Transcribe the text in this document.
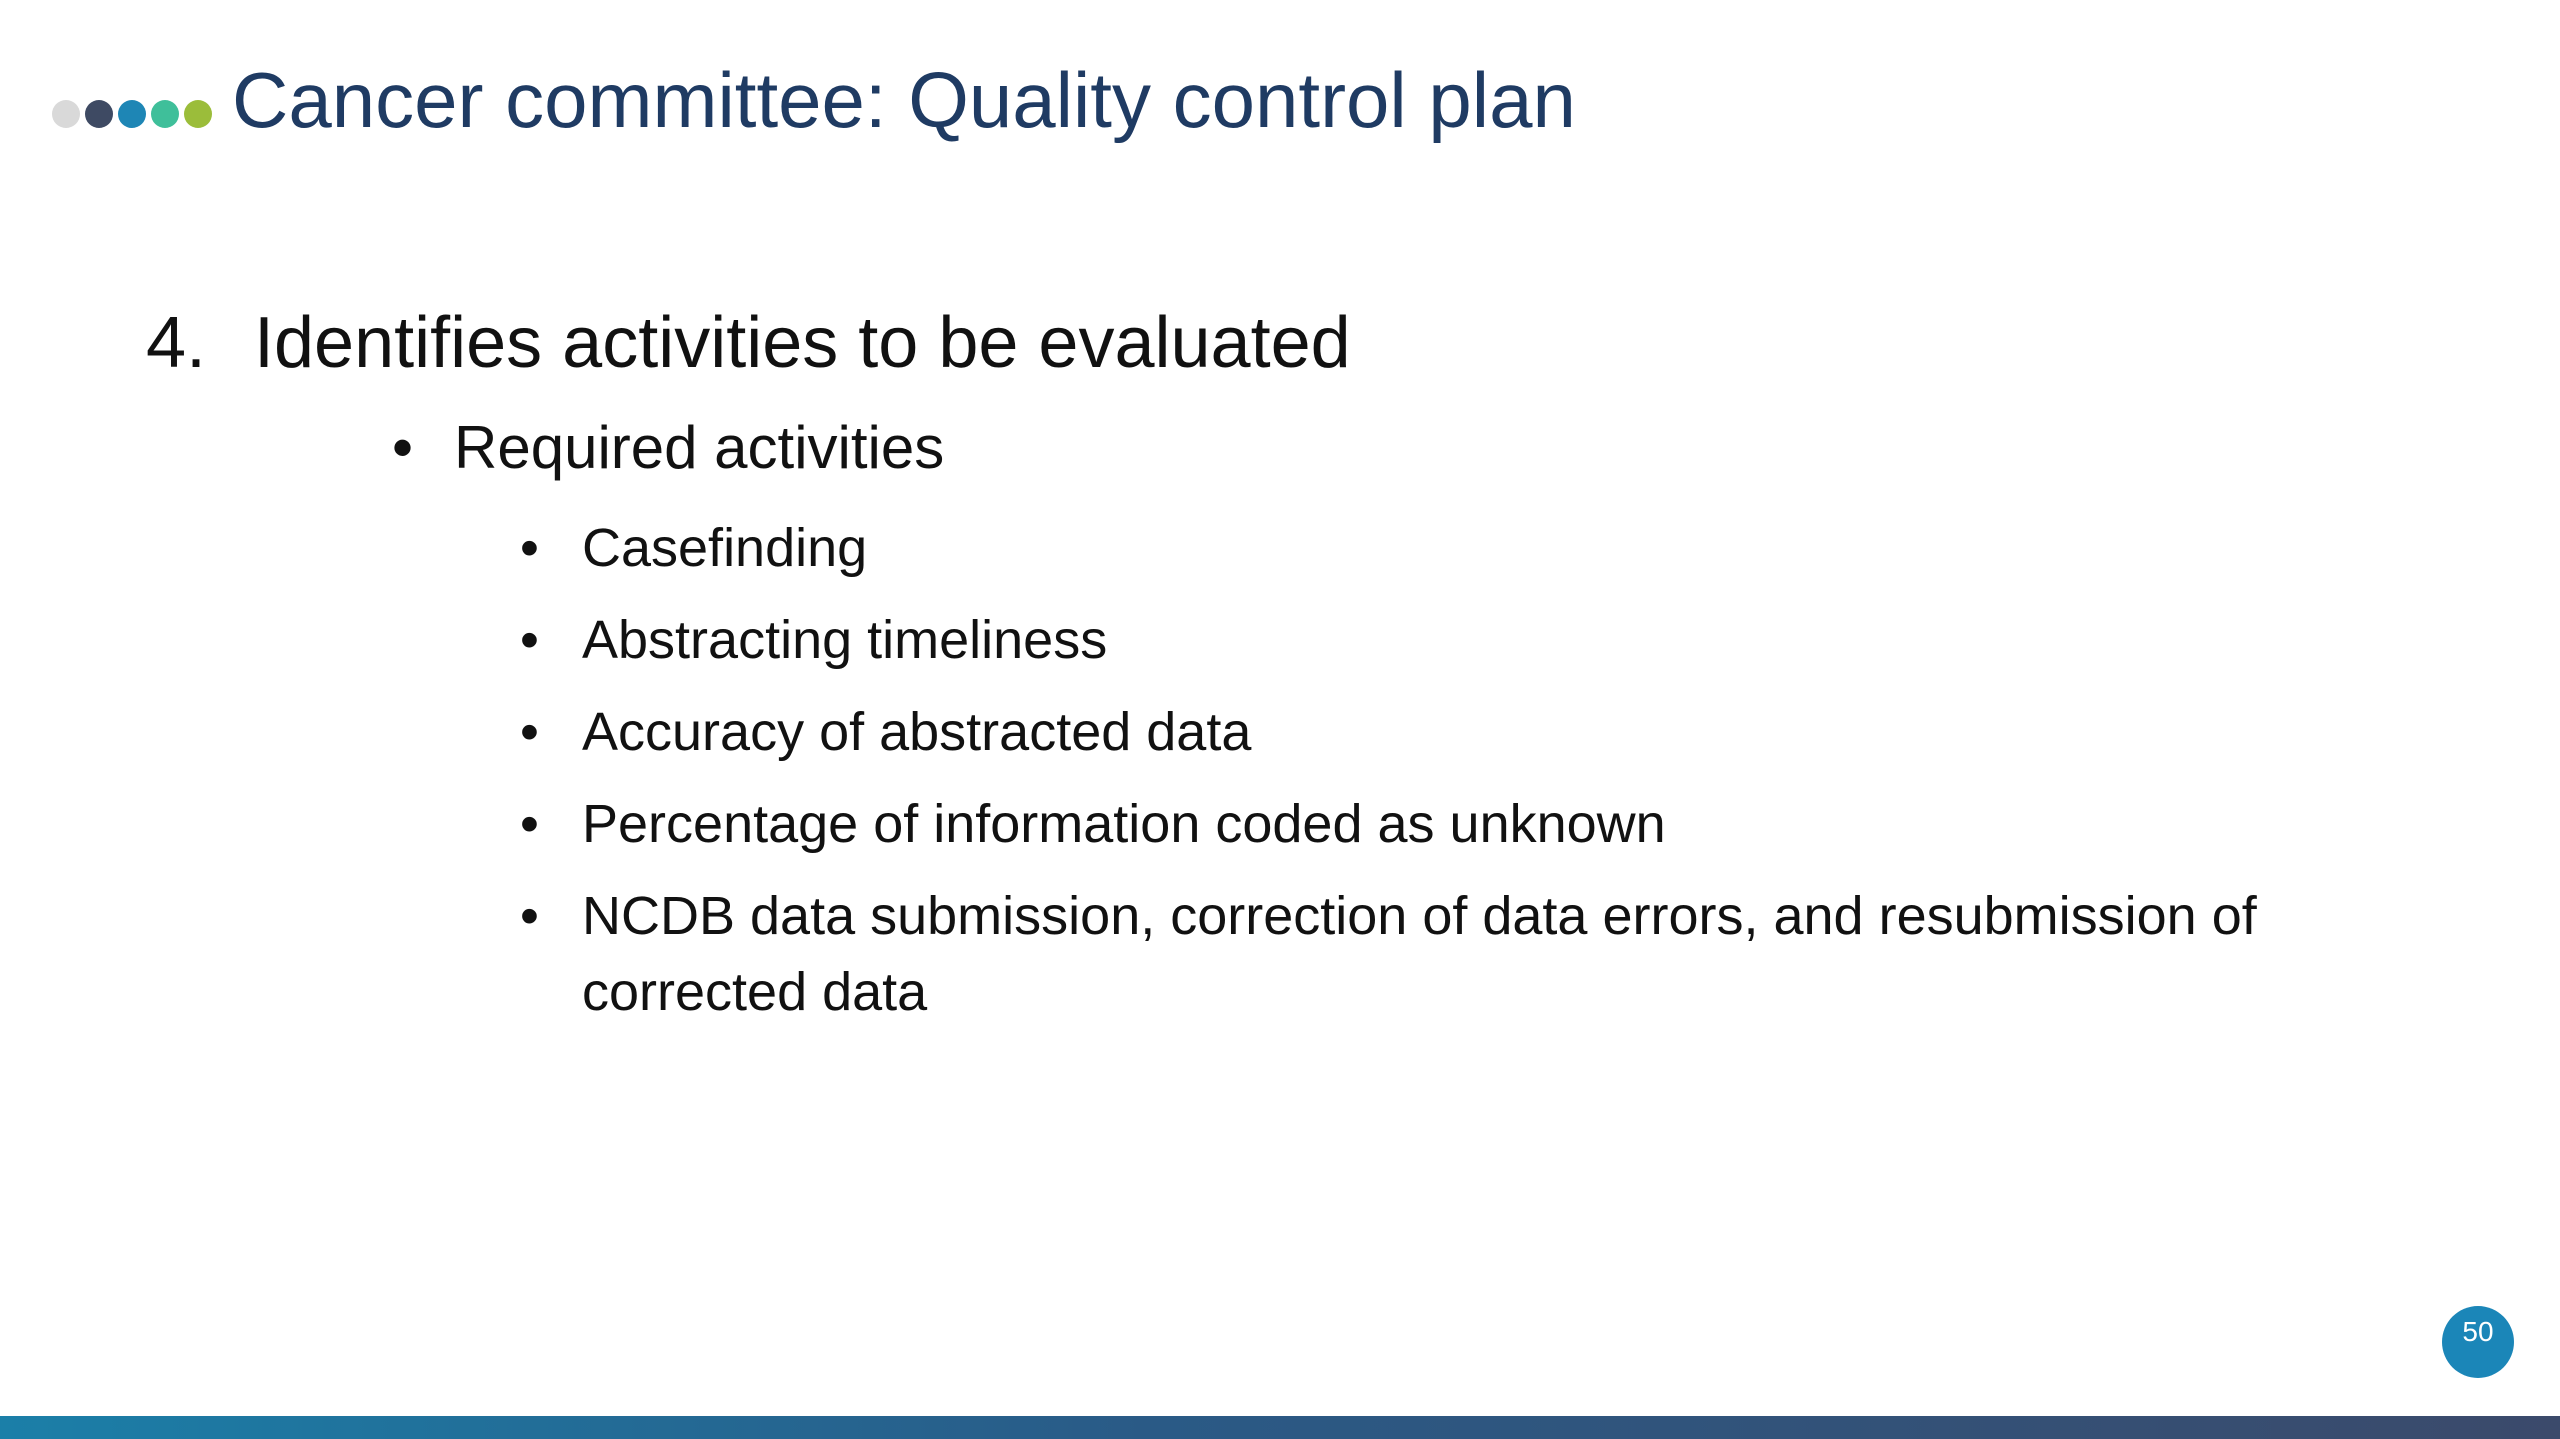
Cancer committee: Quality control plan
4. Identifies activities to be evaluated
• Required activities
• Casefinding
• Abstracting timeliness
• Accuracy of abstracted data
• Percentage of information coded as unknown
• NCDB data submission, correction of data errors, and resubmission of corrected data
50
